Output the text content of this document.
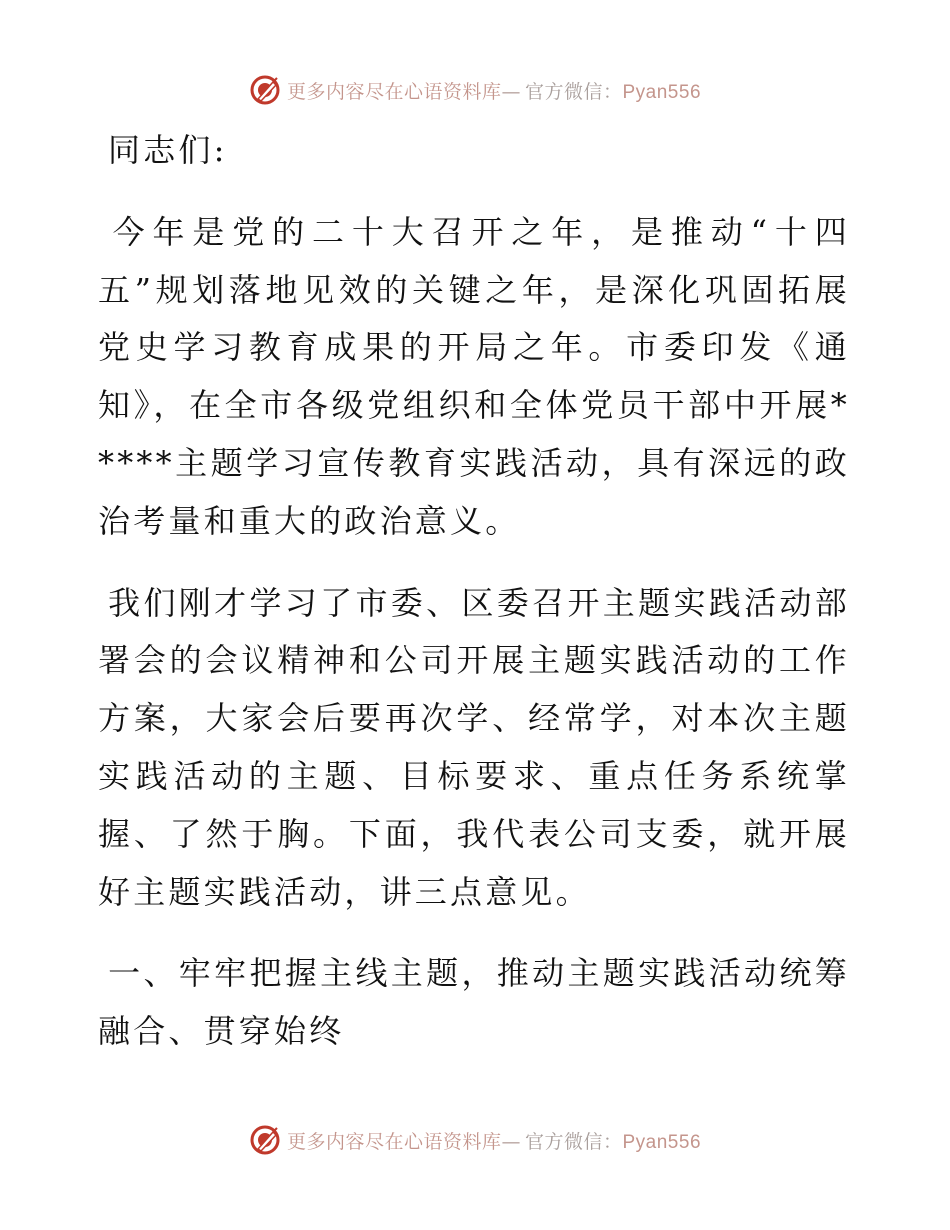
更多内容尽在心语资料库— 官方微信：Pyan556

同志们:

今年是党的二十大召开之年，是推动“十四五”规划落地见效的关键之年，是深化巩固拓展党史学习教育成果的开局之年。市委印发《通知》，在全市各级党组织和全体党员干部中开展*****主题学习宣传教育实践活动，具有深远的政治考量和重大的政治意义。

我们刚才学习了市委、区委召开主题实践活动部署会的会议精神和公司开展主题实践活动的工作方案，大家会后要再次学、经常学，对本次主题实践活动的主题、目标要求、重点任务系统掌握、了然于胸。下面，我代表公司支委，就开展好主题实践活动，讲三点意见。

一、牢牢把握主线主题，推动主题实践活动统筹融合、贯穿始终

更多内容尽在心语资料库— 官方微信：Pyan556
